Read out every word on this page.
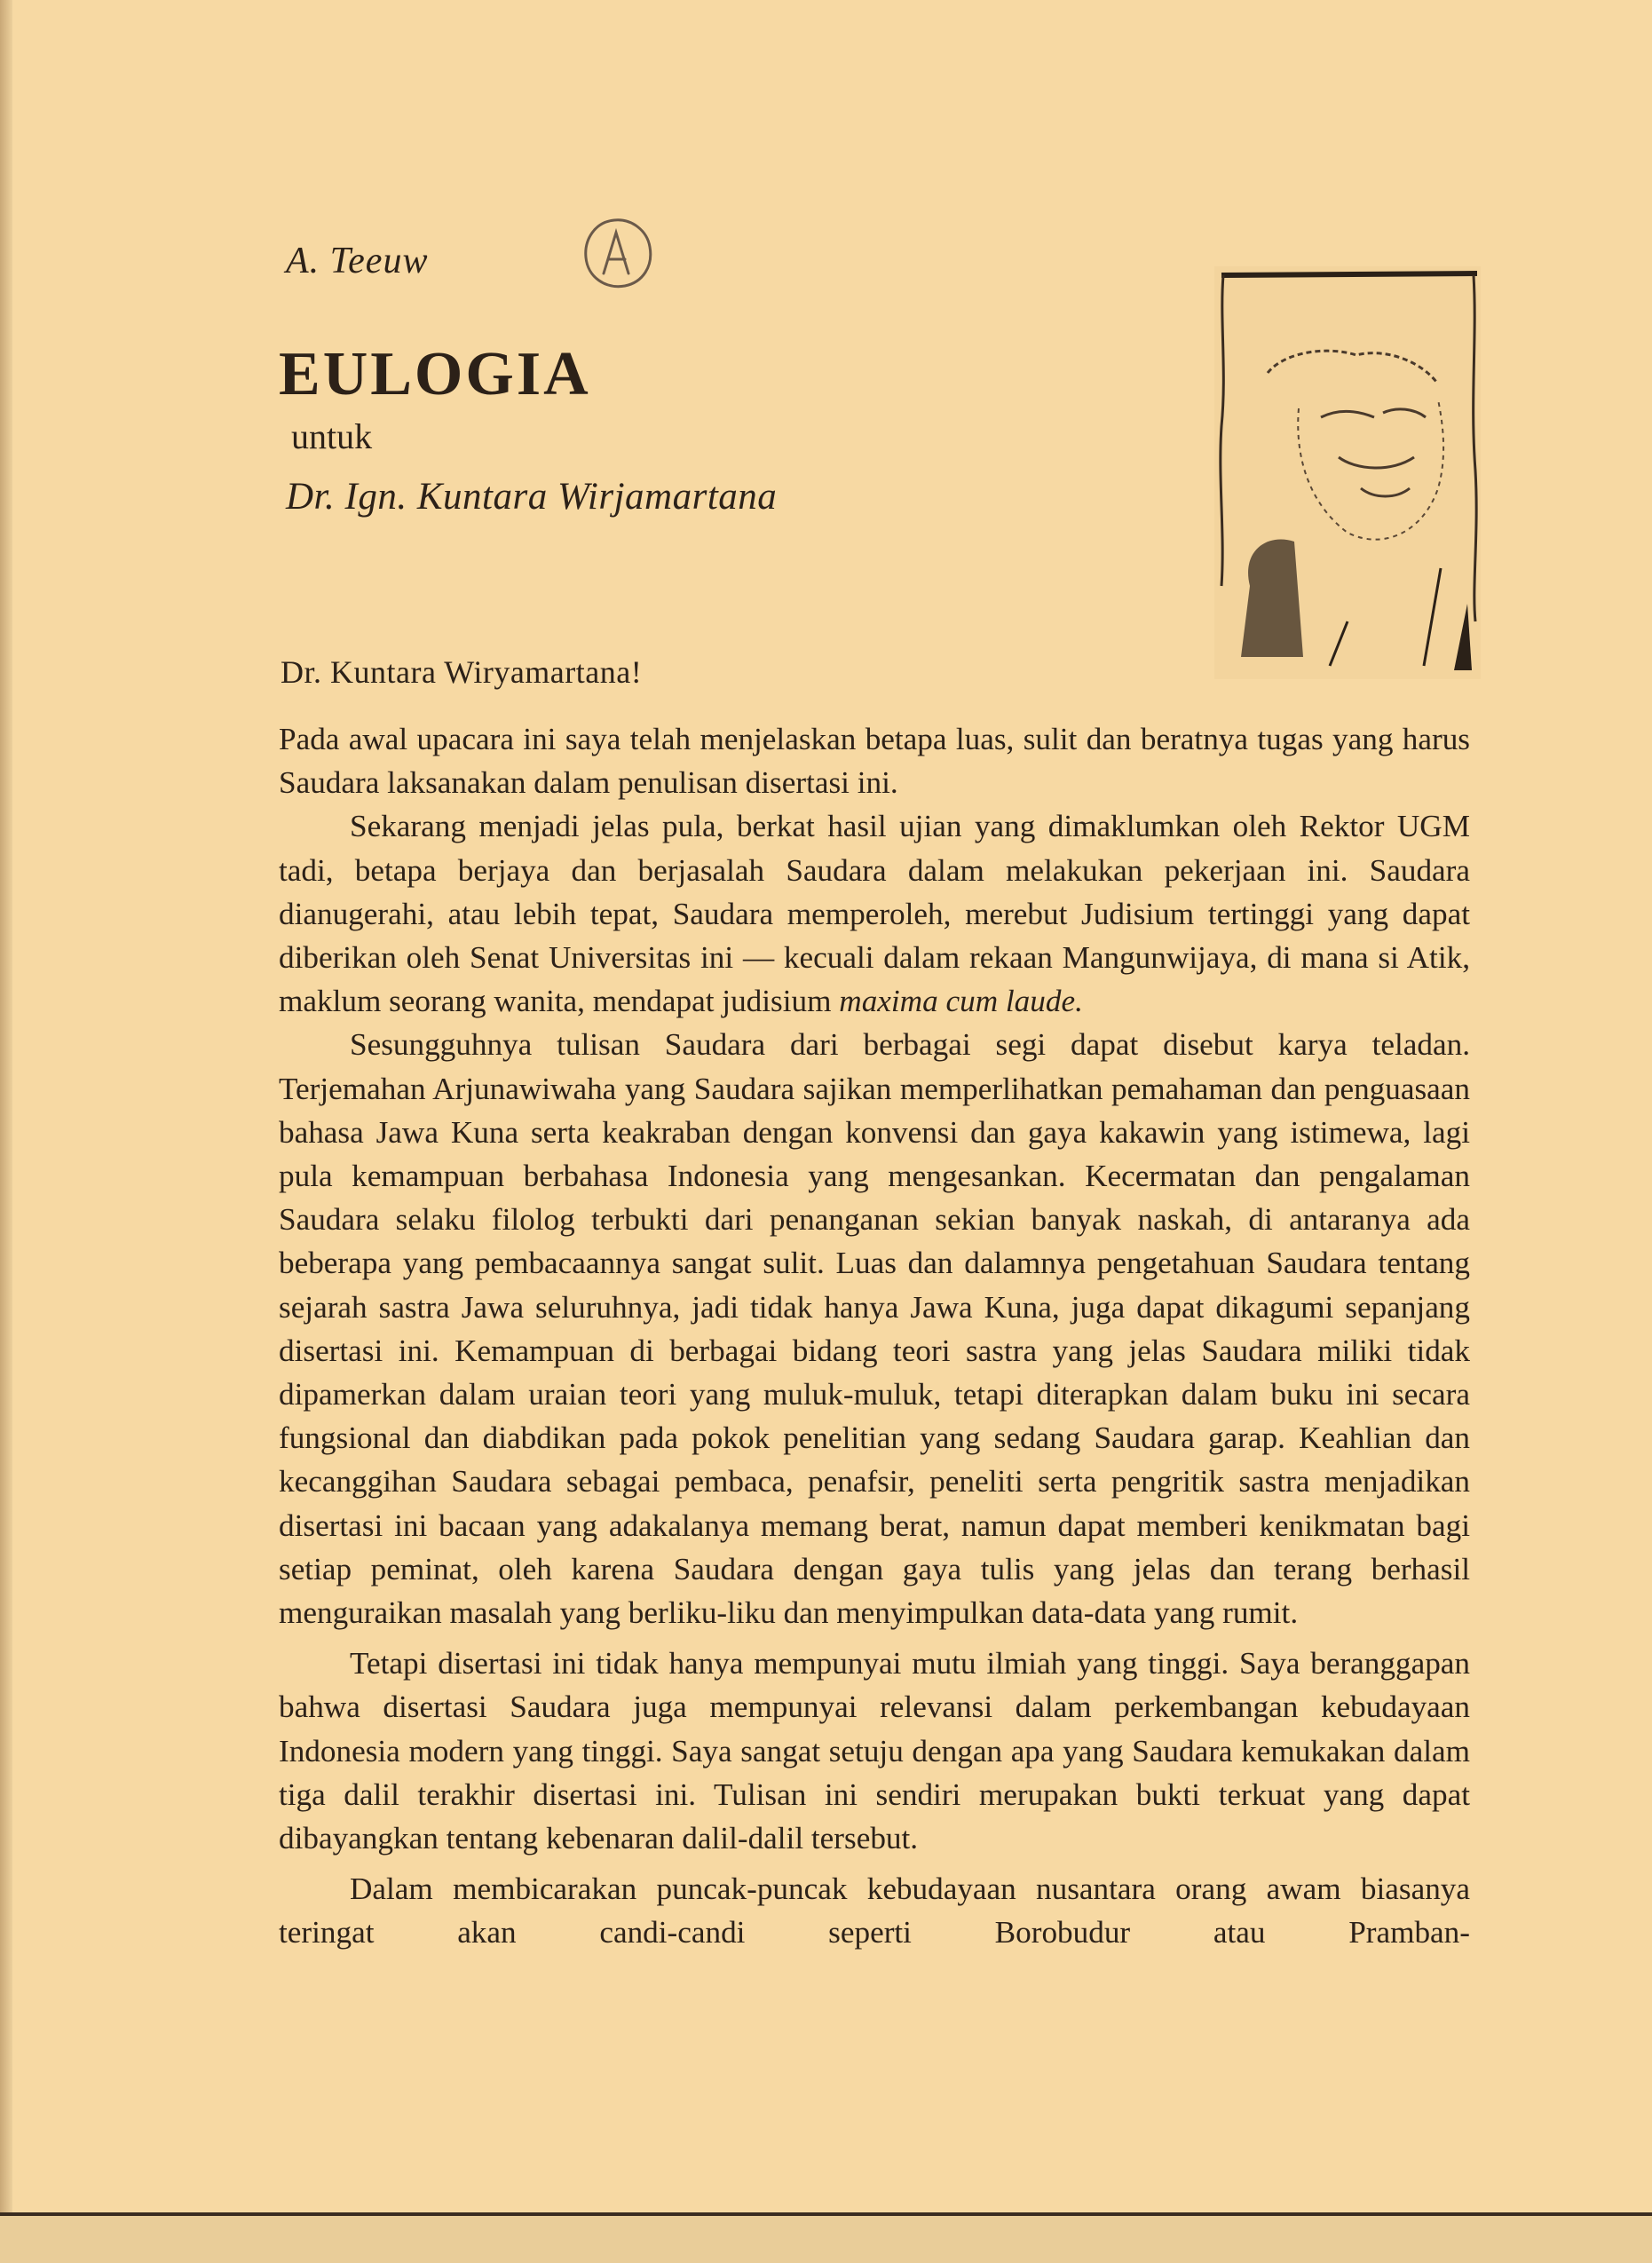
A. Teeuw
EULOGIA
untuk
Dr. Ign. Kuntara Wirjamartana
Dr. Kuntara Wiryamartana!

Pada awal upacara ini saya telah menjelaskan betapa luas, sulit dan beratnya tugas yang harus Saudara laksanakan dalam penulisan disertasi ini.

Sekarang menjadi jelas pula, berkat hasil ujian yang dimaklumkan oleh Rektor UGM tadi, betapa berjaya dan berjasalah Saudara dalam melakukan pekerjaan ini. Saudara dianugerahi, atau lebih tepat, Saudara memperoleh, merebut Judisium tertinggi yang dapat diberikan oleh Senat Universitas ini — kecuali dalam rekaan Mangunwijaya, di mana si Atik, maklum seorang wanita, mendapat judisium maxima cum laude.

Sesungguhnya tulisan Saudara dari berbagai segi dapat disebut karya teladan. Terjemahan Arjunawiwaha yang Saudara sajikan memperlihatkan pemahaman dan penguasaan bahasa Jawa Kuna serta keakraban dengan konvensi dan gaya kakawin yang istimewa, lagi pula kemampuan berbahasa Indonesia yang mengesankan. Kecermatan dan pengalaman Saudara selaku filolog terbukti dari penanganan sekian banyak naskah, di antaranya ada beberapa yang pembacaannya sangat sulit. Luas dan dalamnya pengetahuan Saudara tentang sejarah sastra Jawa seluruhnya, jadi tidak hanya Jawa Kuna, juga dapat dikagumi sepanjang disertasi ini. Kemampuan di berbagai bidang teori sastra yang jelas Saudara miliki tidak dipamerkan dalam uraian teori yang muluk-muluk, tetapi diterapkan dalam buku ini secara fungsional dan diabdikan pada pokok penelitian yang sedang Saudara garap. Keahlian dan kecanggihan Saudara sebagai pembaca, penafsir, peneliti serta pengritik sastra menjadikan disertasi ini bacaan yang adakalanya memang berat, namun dapat memberi kenikmatan bagi setiap peminat, oleh karena Saudara dengan gaya tulis yang jelas dan terang berhasil menguraikan masalah yang berliku-liku dan menyimpulkan data-data yang rumit.

Tetapi disertasi ini tidak hanya mempunyai mutu ilmiah yang tinggi. Saya beranggapan bahwa disertasi Saudara juga mempunyai relevansi dalam perkembangan kebudayaan Indonesia modern yang tinggi. Saya sangat setuju dengan apa yang Saudara kemukakan dalam tiga dalil terakhir disertasi ini. Tulisan ini sendiri merupakan bukti terkuat yang dapat dibayangkan tentang kebenaran dalil-dalil tersebut.

Dalam membicarakan puncak-puncak kebudayaan nusantara orang awam biasanya teringat akan candi-candi seperti Borobudur atau Pramban-
